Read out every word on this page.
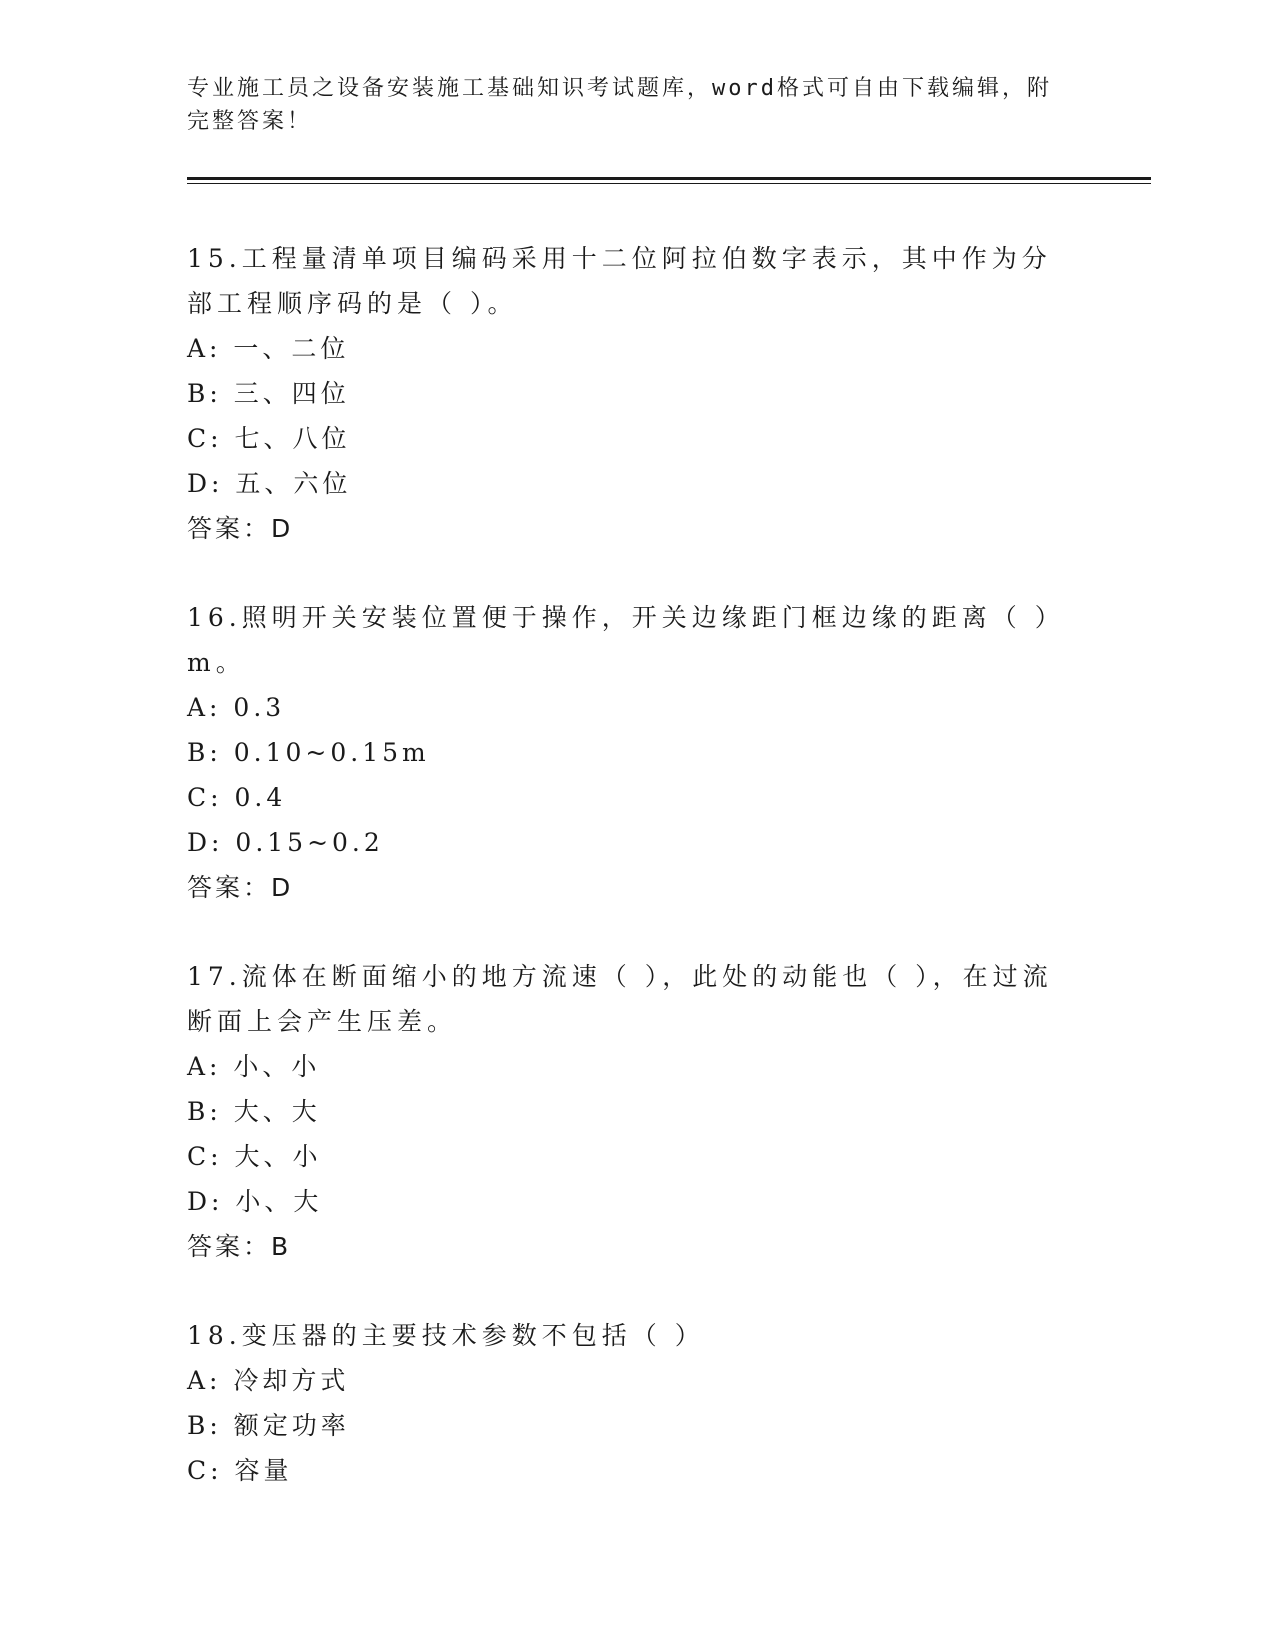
专业施工员之设备安装施工基础知识考试题库，word格式可自由下载编辑，附完整答案！

15.工程量清单项目编码采用十二位阿拉伯数字表示，其中作为分部工程顺序码的是（ ）。

A: 一、二位

B: 三、四位

C: 七、八位

D: 五、六位

答案：D

16.照明开关安装位置便于操作，开关边缘距门框边缘的距离（ ）m。

A: 0.3

B: 0.10~0.15m

C: 0.4

D: 0.15~0.2

答案：D

17.流体在断面缩小的地方流速（ ），此处的动能也（ ），在过流断面上会产生压差。

A: 小、小

B: 大、大

C: 大、小

D: 小、大

答案：B

18.变压器的主要技术参数不包括（ ）

A: 冷却方式

B: 额定功率

C: 容量
